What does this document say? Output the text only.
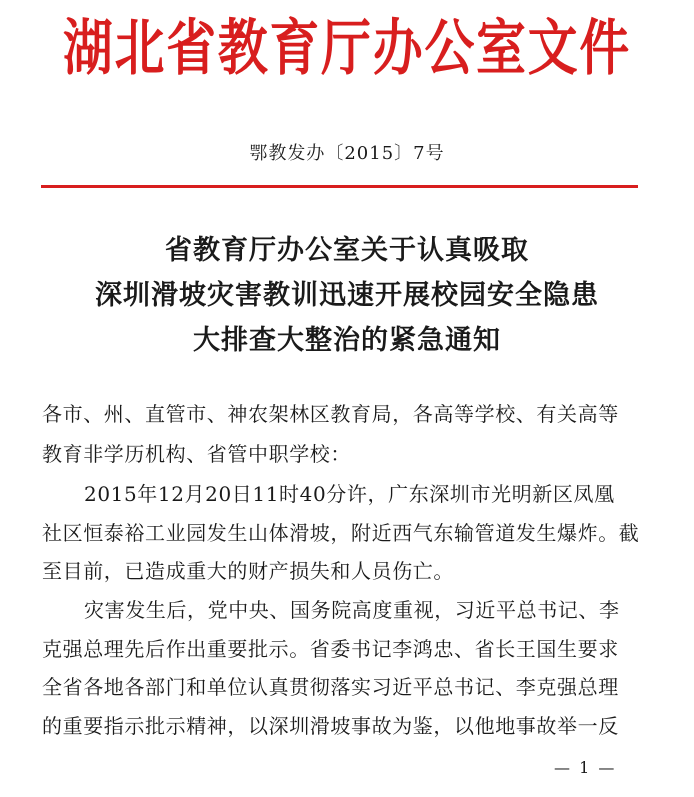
湖北省教育厅办公室文件
鄂教发办〔2015〕7号
省教育厅办公室关于认真吸取
深圳滑坡灾害教训迅速开展校园安全隐患
大排查大整治的紧急通知
各市、州、直管市、神农架林区教育局，各高等学校、有关高等
教育非学历机构、省管中职学校：
2015年12月20日11时40分许，广东深圳市光明新区凤凰
社区恒泰裕工业园发生山体滑坡，附近西气东输管道发生爆炸。截
至目前，已造成重大的财产损失和人员伤亡。
灾害发生后，党中央、国务院高度重视，习近平总书记、李
克强总理先后作出重要批示。省委书记李鸿忠、省长王国生要求
全省各地各部门和单位认真贯彻落实习近平总书记、李克强总理
的重要指示批示精神，以深圳滑坡事故为鉴，以他地事故举一反
— 1 —
